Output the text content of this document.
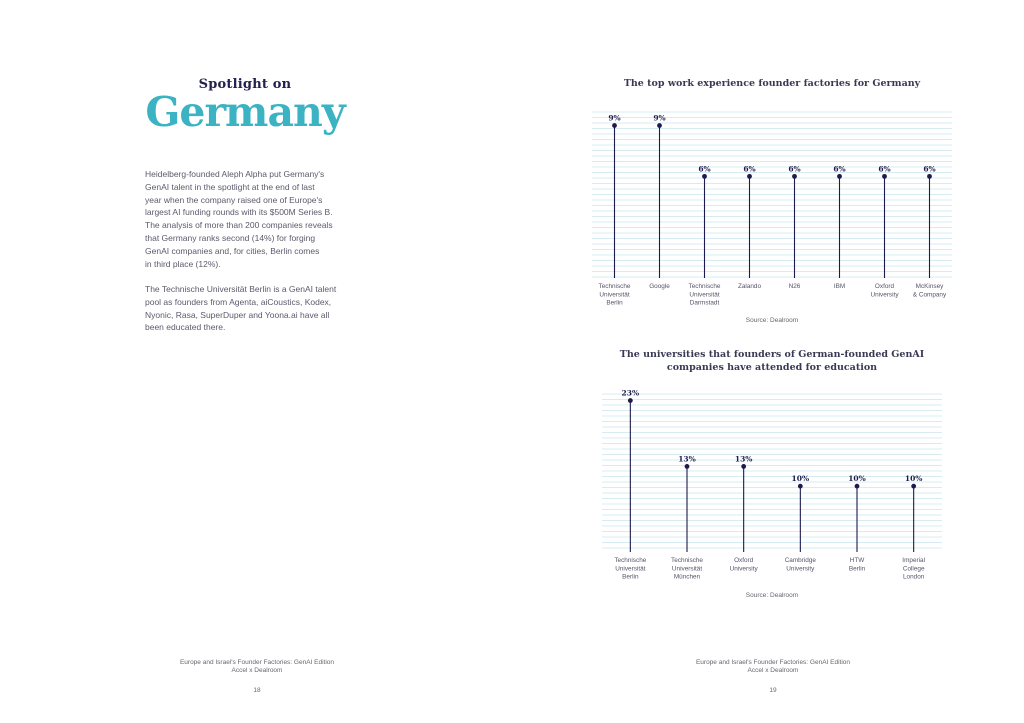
Spotlight on
Germany

Heidelberg-founded Aleph Alpha put Germany's

GenAI talent in the spotlight at the end of last

year when the company raised one of Europe's

largest AI funding rounds with its $500M Series B.

The analysis of more than 200 companies reveals

that Germany ranks second (14%) for forging

GenAI companies and, for cities, Berlin comes

in third place (12%).

The Technische Universität Berlin is a GenAI talent

pool as founders from Agenta, aiCoustics, Kodex,

Nyonic, Rasa, SuperDuper and Yoona.ai have all

been educated there.

Europe and Israel's Founder Factories: GenAI Edition
Accel x Dealroom
18
The top work experience founder factories for Germany
9%
Technische
Universität
Berlin
9%
Google
6%
Technische
Universität
Darmstadt
6%
Zalando
6%
N26
6%
IBM
6%
Oxford
University
6%
McKinsey
& Company
Source: Dealroom
The universities that founders of German-founded GenAI
companies have attended for education
23%
Technische
Universität
Berlin
13%
Technische
Universität
München
13%
Oxford
University
10%
Cambridge
University
10%
HTW
Berlin
10%
Imperial
College
London
Source: Dealroom
Europe and Israel's Founder Factories: GenAI Edition
Accel x Dealroom
19
